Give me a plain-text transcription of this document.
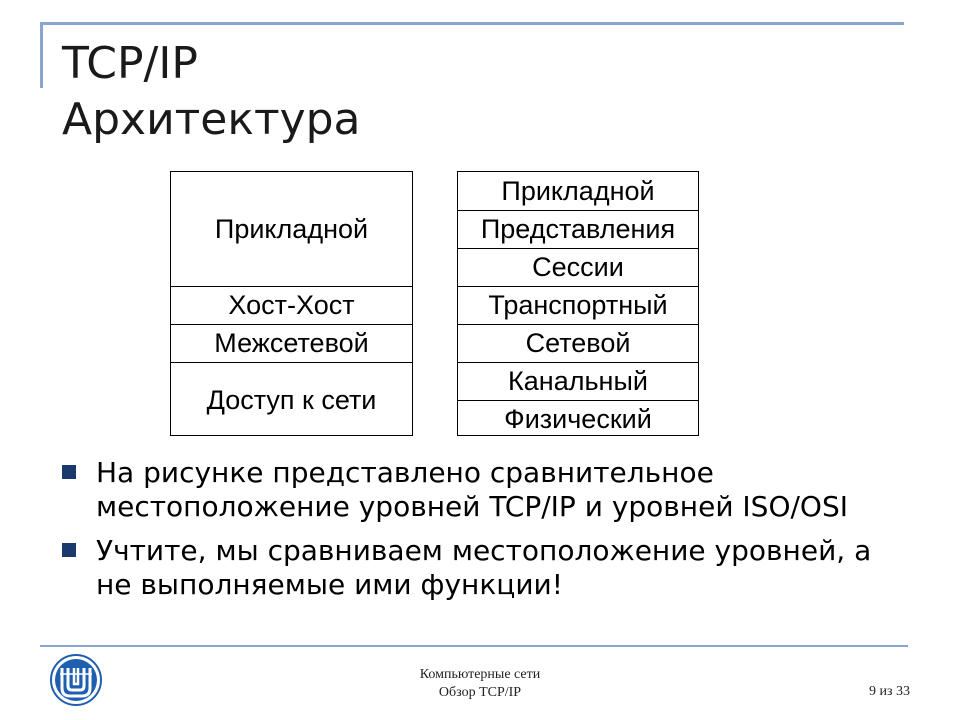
TCP/IP
Архитектура
Прикладной
Хост-Хост
Межсетевой
Доступ к сети
Прикладной
Представления
Сессии
Транспортный
Сетевой
Канальный
Физический
На рисунке представлено сравнительное местоположение уровней TCP/IP и уровней ISO/OSI
Учтите, мы сравниваем местоположение уровней, а не выполняемые ими функции!
Компьютерные сети
Обзор TCP/IP	9 из 33
